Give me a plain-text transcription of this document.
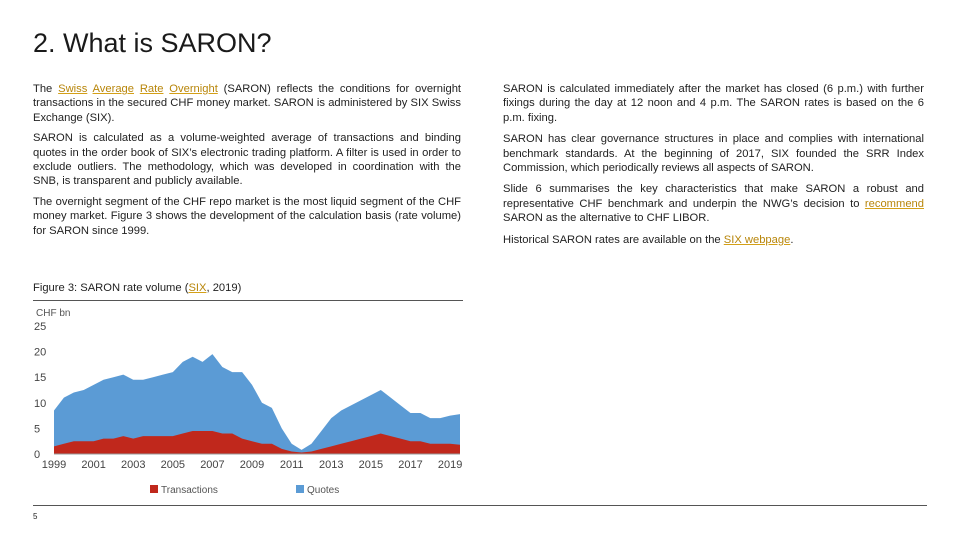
2. What is SARON?

The Swiss Average Rate Overnight (SARON) reflects the conditions for overnight transactions in the secured CHF money market. SARON is administered by SIX Swiss Exchange (SIX).

SARON is calculated as a volume-weighted average of transactions and binding quotes in the order book of SIX’s electronic trading platform. A filter is used in order to exclude outliers. The methodology, which was developed in coordination with the SNB, is transparent and publicly available.

The overnight segment of the CHF repo market is the most liquid segment of the CHF money market. Figure 3 shows the development of the calculation basis (rate volume) for SARON since 1999.

SARON is calculated immediately after the market has closed (6 p.m.) with further fixings during the day at 12 noon and 4 p.m. The SARON rates is based on the 6 p.m. fixing.

SARON has clear governance structures in place and complies with international benchmark standards. At the beginning of 2017, SIX founded the SRR Index Commission, which periodically reviews all aspects of SARON.

Slide 6 summarises the key characteristics that make SARON a robust and representative CHF benchmark and underpin the NWG’s decision to recommend SARON as the alternative to CHF LIBOR.

Historical SARON rates are available on the SIX webpage.

Figure 3: SARON rate volume (SIX, 2019)
CHF bn
0
5
10
15
20
25
1999 2001 2003 2005 2007 2009 2011 2013 2015 2017 2019
Transactions	Quotes
5
